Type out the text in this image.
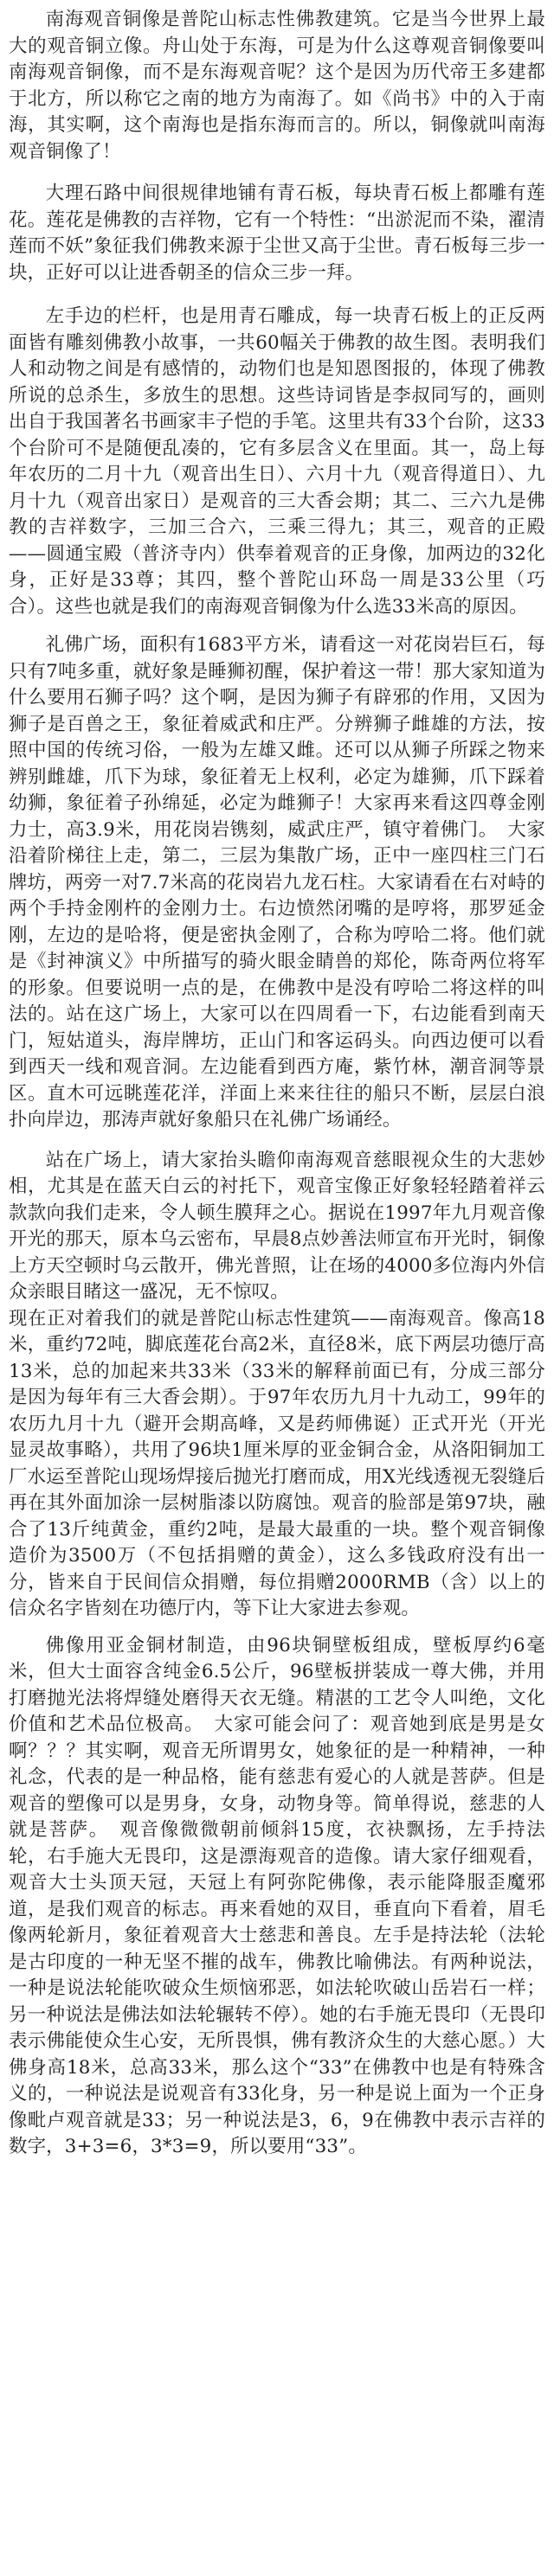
南海观音铜像是普陀山标志性佛教建筑。它是当今世界上最大的观音铜立像。舟山处于东海，可是为什么这尊观音铜像要叫南海观音铜像，而不是东海观音呢？这个是因为历代帝王多建都于北方，所以称它之南的地方为南海了。如《尚书》中的入于南海，其实啊，这个南海也是指东海而言的。所以，铜像就叫南海观音铜像了！

大理石路中间很规律地铺有青石板，每块青石板上都雕有莲花。莲花是佛教的吉祥物，它有一个特性：“出淤泥而不染，濯清莲而不妖”象征我们佛教来源于尘世又高于尘世。青石板每三步一块，正好可以让进香朝圣的信众三步一拜。

左手边的栏杆，也是用青石雕成，每一块青石板上的正反两面皆有雕刻佛教小故事，一共60幅关于佛教的故生图。表明我们人和动物之间是有感情的，动物们也是知恩图报的，体现了佛教所说的总杀生，多放生的思想。这些诗词皆是李叔同写的，画则出自于我国著名书画家丰子恺的手笔。这里共有33个台阶，这33个台阶可不是随便乱凑的，它有多层含义在里面。其一，岛上每年农历的二月十九（观音出生日）、六月十九（观音得道日）、九月十九（观音出家日）是观音的三大香会期；其二、三六九是佛教的吉祥数字，三加三合六，三乘三得九；其三，观音的正殿——圆通宝殿（普济寺内）供奉着观音的正身像，加两边的32化身，正好是33尊；其四，整个普陀山环岛一周是33公里（巧合）。这些也就是我们的南海观音铜像为什么选33米高的原因。

礼佛广场，面积有1683平方米，请看这一对花岗岩巨石，每只有7吨多重，就好象是睡狮初醒，保护着这一带！那大家知道为什么要用石狮子吗？这个啊，是因为狮子有辟邪的作用，又因为狮子是百兽之王，象征着威武和庄严。分辨狮子雌雄的方法，按照中国的传统习俗，一般为左雄又雌。还可以从狮子所踩之物来辨别雌雄，爪下为球，象征着无上权利，必定为雄狮，爪下踩着幼狮，象征着子孙绵延，必定为雌狮子！大家再来看这四尊金刚力士，高3.9米，用花岗岩镌刻，威武庄严，镇守着佛门。　大家沿着阶梯往上走，第二，三层为集散广场，正中一座四柱三门石牌坊，两旁一对7.7米高的花岗岩九龙石柱。大家请看在右对峙的两个手持金刚杵的金刚力士。右边愤然闭嘴的是哼将，那罗延金刚，左边的是哈将，便是密执金刚了，合称为哼哈二将。他们就是《封神演义》中所描写的骑火眼金睛兽的郑伦，陈奇两位将军的形象。但要说明一点的是，在佛教中是没有哼哈二将这样的叫法的。站在这广场上，大家可以在四周看一下，右边能看到南天门，短姑道头，海岸牌坊，正山门和客运码头。向西边便可以看到西天一线和观音洞。左边能看到西方庵，紫竹林，潮音洞等景区。直木可远眺莲花洋，洋面上来来往往的船只不断，层层白浪扑向岸边，那涛声就好象船只在礼佛广场诵经。

站在广场上，请大家抬头瞻仰南海观音慈眼视众生的大悲妙相，尤其是在蓝天白云的衬托下，观音宝像正好象轻轻踏着祥云款款向我们走来，令人顿生膜拜之心。据说在1997年九月观音像开光的那天，原本乌云密布，早晨8点妙善法师宣布开光时，铜像上方天空顿时乌云散开，佛光普照，让在场的4000多位海内外信众亲眼目睹这一盛况，无不惊叹。

现在正对着我们的就是普陀山标志性建筑——南海观音。像高18米，重约72吨，脚底莲花台高2米，直径8米，底下两层功德厅高13米，总的加起来共33米（33米的解释前面已有，分成三部分是因为每年有三大香会期）。于97年农历九月十九动工，99年的农历九月十九（避开会期高峰，又是药师佛诞）正式开光（开光显灵故事略），共用了96块1厘米厚的亚金铜合金，从洛阳铜加工厂水运至普陀山现场焊接后抛光打磨而成，用X光线透视无裂缝后再在其外面加涂一层树脂漆以防腐蚀。观音的脸部是第97块，融合了13斤纯黄金，重约2吨，是最大最重的一块。整个观音铜像造价为3500万（不包括捐赠的黄金），这么多钱政府没有出一分，皆来自于民间信众捐赠，每位捐赠2000RMB（含）以上的信众名字皆刻在功德厅内，等下让大家进去参观。

佛像用亚金铜材制造，由96块铜壁板组成，壁板厚约6毫米，但大士面容含纯金6.5公斤，96壁板拼装成一尊大佛，并用打磨抛光法将焊缝处磨得天衣无缝。精湛的工艺令人叫绝，文化价值和艺术品位极高。　大家可能会问了：观音她到底是男是女啊？？？其实啊，观音无所谓男女，她象征的是一种精神，一种礼念，代表的是一种品格，能有慈悲有爱心的人就是菩萨。但是观音的塑像可以是男身，女身，动物身等。简单得说，慈悲的人就是菩萨。　观音像微微朝前倾斜15度，衣袂飘扬，左手持法轮，右手施大无畏印，这是漂海观音的造像。请大家仔细观看，观音大士头顶天冠，天冠上有阿弥陀佛像，表示能降服歪魔邪道，是我们观音的标志。再来看她的双目，垂直向下看着，眉毛像两轮新月，象征着观音大士慈悲和善良。左手是持法轮（法轮是古印度的一种无坚不摧的战车，佛教比喻佛法。有两种说法，一种是说法轮能吹破众生烦恼邪恶，如法轮吹破山岳岩石一样；另一种说法是佛法如法轮辗转不停）。她的右手施无畏印（无畏印表示佛能使众生心安，无所畏惧，佛有教济众生的大慈心愿。）大佛身高18米，总高33米，那么这个“33”在佛教中也是有特殊含义的，一种说法是说观音有33化身，另一种是说上面为一个正身像毗卢观音就是33；另一种说法是3，6，9在佛教中表示吉祥的数字，3+3=6，3*3=9，所以要用“33”。
